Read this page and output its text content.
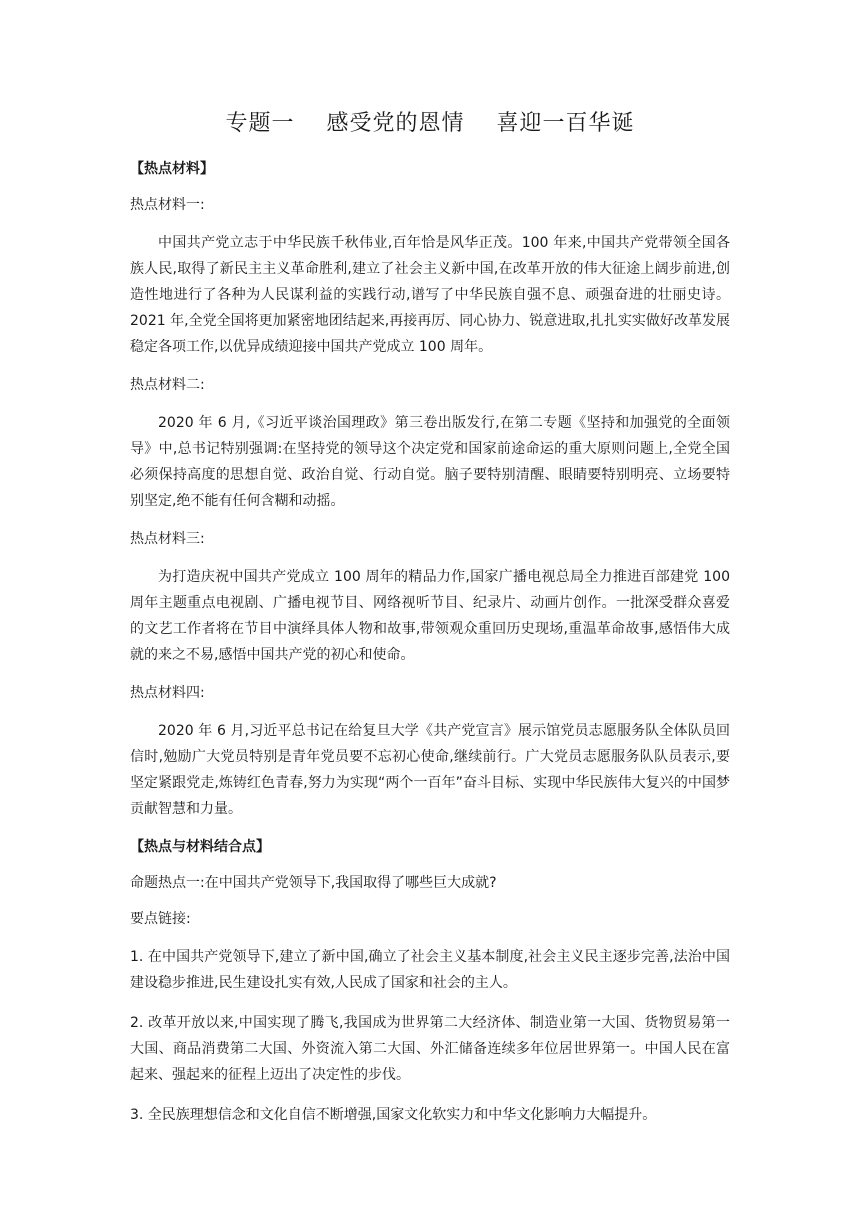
专题一    感受党的恩情    喜迎一百华诞
【热点材料】
热点材料一:

中国共产党立志于中华民族千秋伟业,百年恰是风华正茂。100 年来,中国共产党带领全国各族人民,取得了新民主主义革命胜利,建立了社会主义新中国,在改革开放的伟大征途上阔步前进,创造性地进行了各种为人民谋利益的实践行动,谱写了中华民族自强不息、顽强奋进的壮丽史诗。2021 年,全党全国将更加紧密地团结起来,再接再厉、同心协力、锐意进取,扎扎实实做好改革发展稳定各项工作,以优异成绩迎接中国共产党成立 100 周年。

热点材料二:

2020 年 6 月,《习近平谈治国理政》第三卷出版发行,在第二专题《坚持和加强党的全面领导》中,总书记特别强调:在坚持党的领导这个决定党和国家前途命运的重大原则问题上,全党全国必须保持高度的思想自觉、政治自觉、行动自觉。脑子要特别清醒、眼睛要特别明亮、立场要特别坚定,绝不能有任何含糊和动摇。

热点材料三:

为打造庆祝中国共产党成立 100 周年的精品力作,国家广播电视总局全力推进百部建党 100 周年主题重点电视剧、广播电视节目、网络视听节目、纪录片、动画片创作。一批深受群众喜爱的文艺工作者将在节目中演绎具体人物和故事,带领观众重回历史现场,重温革命故事,感悟伟大成就的来之不易,感悟中国共产党的初心和使命。

热点材料四:

2020 年 6 月,习近平总书记在给复旦大学《共产党宣言》展示馆党员志愿服务队全体队员回信时,勉励广大党员特别是青年党员要不忘初心使命,继续前行。广大党员志愿服务队队员表示,要坚定紧跟党走,炼铸红色青春,努力为实现“两个一百年”奋斗目标、实现中华民族伟大复兴的中国梦贡献智慧和力量。

【热点与材料结合点】
命题热点一:在中国共产党领导下,我国取得了哪些巨大成就?
要点链接:

1. 在中国共产党领导下,建立了新中国,确立了社会主义基本制度,社会主义民主逐步完善,法治中国建设稳步推进,民生建设扎实有效,人民成了国家和社会的主人。

2. 改革开放以来,中国实现了腾飞,我国成为世界第二大经济体、制造业第一大国、货物贸易第一大国、商品消费第二大国、外资流入第二大国、外汇储备连续多年位居世界第一。中国人民在富起来、强起来的征程上迈出了决定性的步伐。

3. 全民族理想信念和文化自信不断增强,国家文化软实力和中华文化影响力大幅提升。
